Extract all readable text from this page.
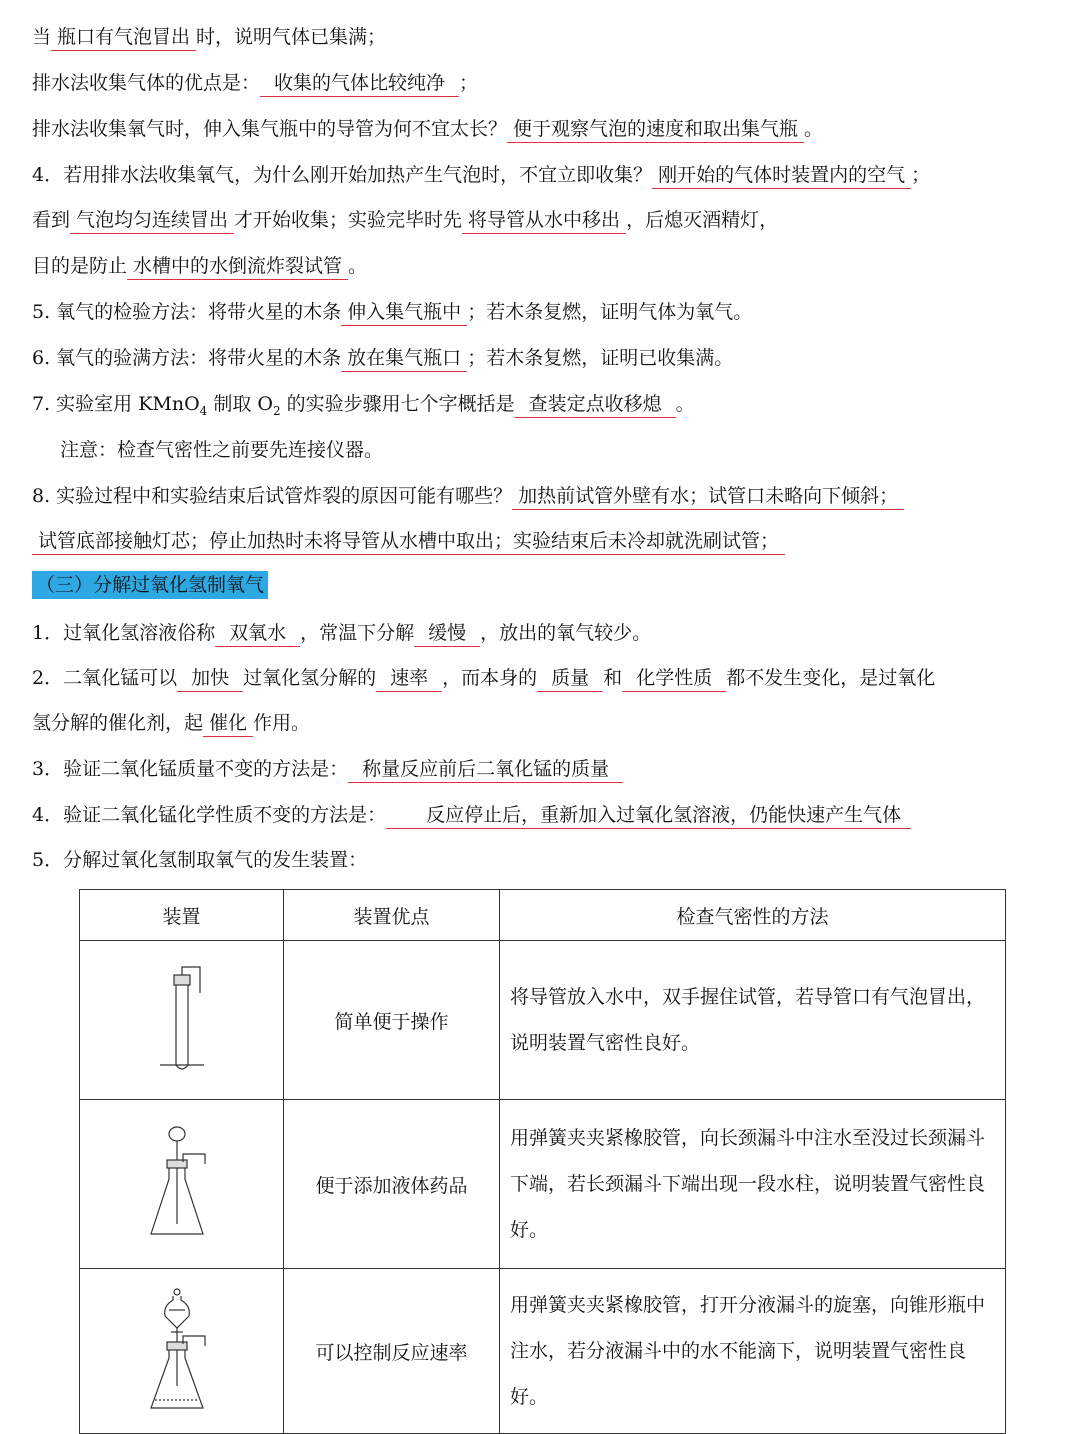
当 瓶口有气泡冒出 时，说明气体已集满；
排水法收集气体的优点是： 收集的气体比较纯净 ；
排水法收集氧气时，伸入集气瓶中的导管为何不宜太长？ 便于观察气泡的速度和取出集气瓶 。
4．若用排水法收集氧气，为什么刚开始加热产生气泡时，不宜立即收集？ 刚开始的气体时装置内的空气 ；
看到 气泡均匀连续冒出 才开始收集；实验完毕时先 将导管从水中移出 ，后熄灭酒精灯，
目的是防止 水槽中的水倒流炸裂试管 。
5. 氧气的检验方法：将带火星的木条 伸入集气瓶中 ；若木条复燃，证明气体为氧气。
6. 氧气的验满方法：将带火星的木条 放在集气瓶口 ；若木条复燃，证明已收集满。
7. 实验室用 KMnO$_4$ 制取 $O_2$ 的实验步骤用七个字概括是 查装定点收移熄 。
注意：检查气密性之前要先连接仪器。
8. 实验过程中和实验结束后试管炸裂的原因可能有哪些？ 加热前试管外壁有水；试管口未略向下倾斜；
试管底部接触灯芯；停止加热时未将导管从水槽中取出；实验结束后未冷却就洗刷试管；
（三）分解过氧化氢制氧气
1．过氧化氢溶液俗称 双氧水 ，常温下分解 缓慢 ，放出的氧气较少。
2．二氧化锰可以 加快 过氧化氢分解的 速率 ，而本身的 质量 和 化学性质 都不发生变化，是过氧化
氢分解的催化剂，起 催化 作用。
3．验证二氧化锰质量不变的方法是： 称量反应前后二氧化锰的质量
4．验证二氧化锰化学性质不变的方法是： 反应停止后，重新加入过氧化氢溶液，仍能快速产生气体
5．分解过氧化氢制取氧气的发生装置：
装置	装置优点	检查气密性的方法

	简单便于操作	将导管放入水中，双手握住试管，若导管口有气泡冒出，说明装置气密性良好。

	便于添加液体药品	用弹簧夹夹紧橡胶管，向长颈漏斗中注水至没过长颈漏斗下端，若长颈漏斗下端出现一段水柱，说明装置气密性良好。

	可以控制反应速率	用弹簧夹夹紧橡胶管，打开分液漏斗的旋塞，向锥形瓶中注水，若分液漏斗中的水不能滴下，说明装置气密性良好。
